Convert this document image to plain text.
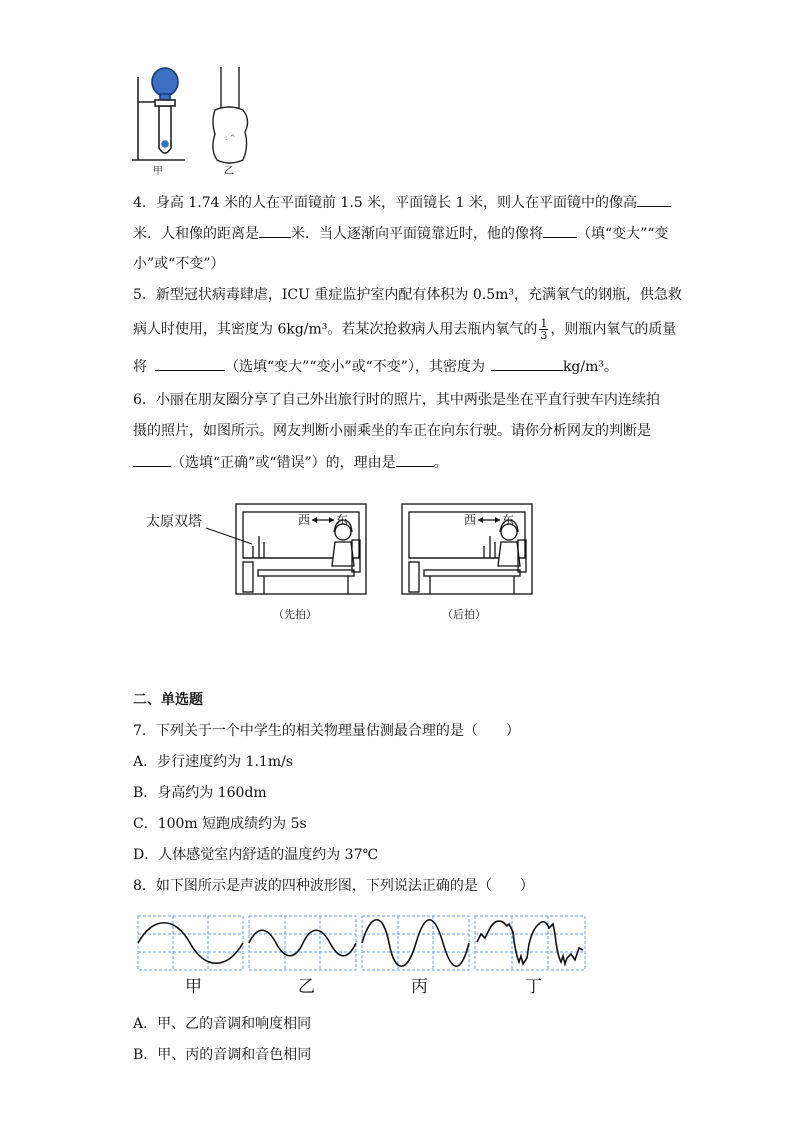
甲
: ^
乙
4．身高 1.74 米的人在平面镜前 1.5 米，平面镜长 1 米，则人在平面镜中的像高
米．人和像的距离是 米．当人逐渐向平面镜靠近时，他的像将 （填“变大”“变
小”或“不变”）
5．新型冠状病毒肆虐，ICU 重症监护室内配有体积为 0.5m³，充满氧气的钢瓶，供急救
病人时使用，其密度为 6kg/m³。若某次抢救病人用去瓶内氧气的 $\frac{1}{3}$ ，则瓶内氧气的质量
将	（选填“变大”“变小”或“不变”），其密度为	kg/m³。
6．小丽在朋友圈分享了自己外出旅行时的照片，其中两张是坐在平直行驶车内连续拍
摄的照片，如图所示。网友判断小丽乘坐的车正在向东行驶。请你分析网友的判断是
（选填“正确”或“错误”）的，理由是	。
太原双塔	西 东
（先拍）
西 东
（后拍）
二、单选题
7．下列关于一个中学生的相关物理量估测最合理的是（　　）
A．步行速度约为 1.1m/s
B．身高约为 160dm
C．100m 短跑成绩约为 5s
D．人体感觉室内舒适的温度约为 37℃
8．如下图所示是声波的四种波形图，下列说法正确的是（　　）
甲	乙	丙	丁
A．甲、乙的音调和响度相同
B．甲、丙的音调和音色相同
